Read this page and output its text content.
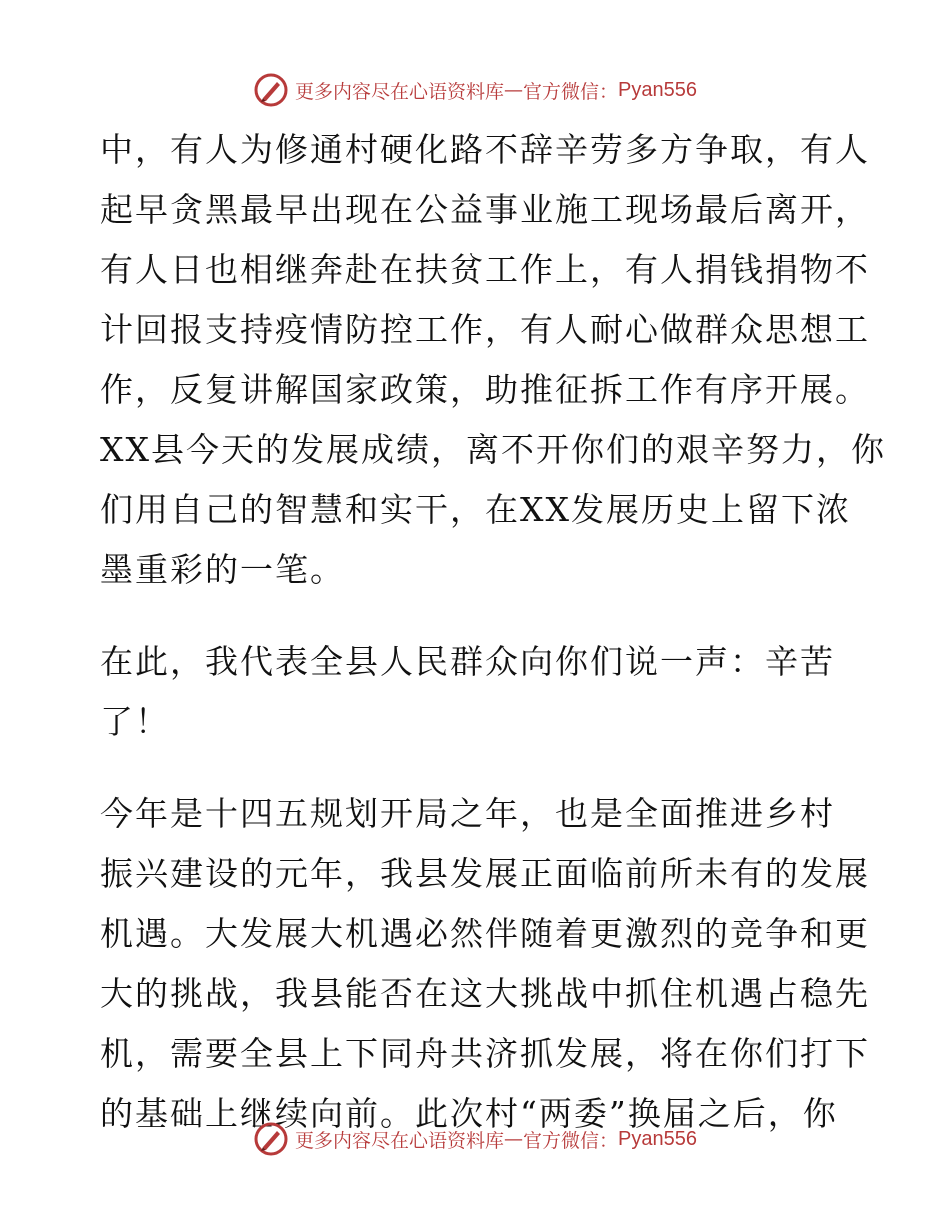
更多内容尽在心语资料库 — 官方微信： Pyan556
中，有人为修通村硬化路不辞辛劳多方争取，有人
起早贪黑最早出现在公益事业施工现场最后离开，
有人日也相继奔赴在扶贫工作上，有人捐钱捐物不
计回报支持疫情防控工作，有人耐心做群众思想工
作，反复讲解国家政策，助推征拆工作有序开展。
XX县今天的发展成绩，离不开你们的艰辛努力，你
们用自己的智慧和实干，在XX发展历史上留下浓
墨重彩的一笔。
在此，我代表全县人民群众向你们说一声：辛苦
了！
今年是十四五规划开局之年，也是全面推进乡村
振兴建设的元年，我县发展正面临前所未有的发展
机遇。大发展大机遇必然伴随着更激烈的竞争和更
大的挑战，我县能否在这大挑战中抓住机遇占稳先
机，需要全县上下同舟共济抓发展，将在你们打下
的基础上继续向前。此次村“两委”换届之后，你
更多内容尽在心语资料库 — 官方微信： Pyan556
